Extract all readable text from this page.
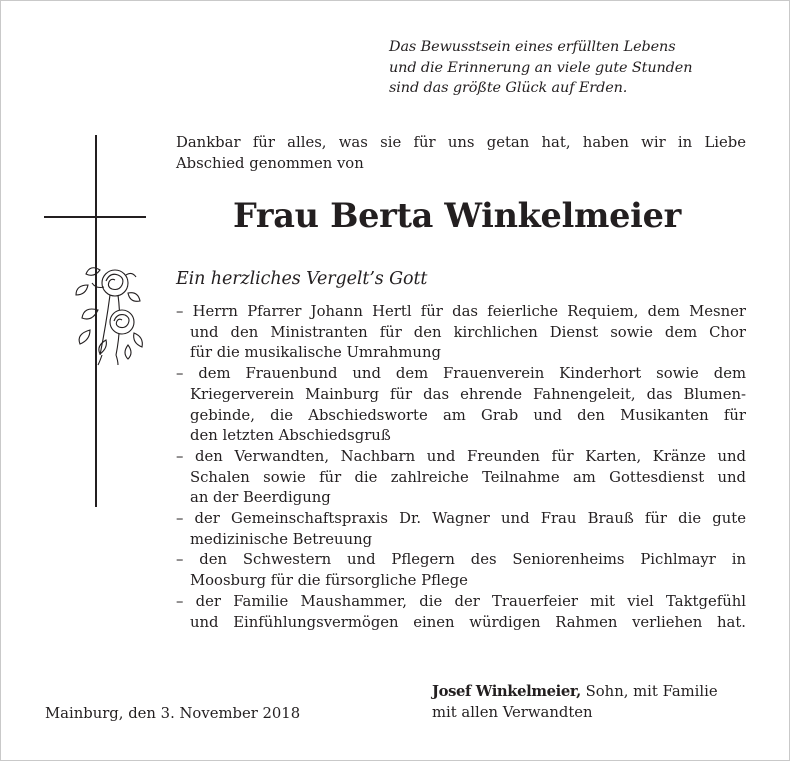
Das Bewusstsein eines erfüllten Lebens
und die Erinnerung an viele gute Stunden
sind das größte Glück auf Erden.
Dankbar für alles, was sie für uns getan hat, haben wir in Liebe
Abschied genommen von
Frau Berta Winkelmeier
Ein herzliches Vergelt’s Gott
– Herrn Pfarrer Johann Hertl für das feierliche Requiem, dem Mesner
und den Ministranten für den kirchlichen Dienst sowie dem Chor
für die musikalische Umrahmung
– dem Frauenbund und dem Frauenverein Kinderhort sowie dem
Kriegerverein Mainburg für das ehrende Fahnengeleit, das Blumen-
gebinde, die Abschiedsworte am Grab und den Musikanten für
den letzten Abschiedsgruß
– den Verwandten, Nachbarn und Freunden für Karten, Kränze und
Schalen sowie für die zahlreiche Teilnahme am Gottesdienst und
an der Beerdigung
– der Gemeinschaftspraxis Dr. Wagner und Frau Brauß für die gute
medizinische Betreuung
– den Schwestern und Pflegern des Seniorenheims Pichlmayr in
Moosburg für die fürsorgliche Pflege
– der Familie Maushammer, die der Trauerfeier mit viel Taktgefühl
und Einfühlungsvermögen einen würdigen Rahmen verliehen hat.
Mainburg, den 3. November 2018
Josef Winkelmeier, Sohn, mit Familie
mit allen Verwandten
